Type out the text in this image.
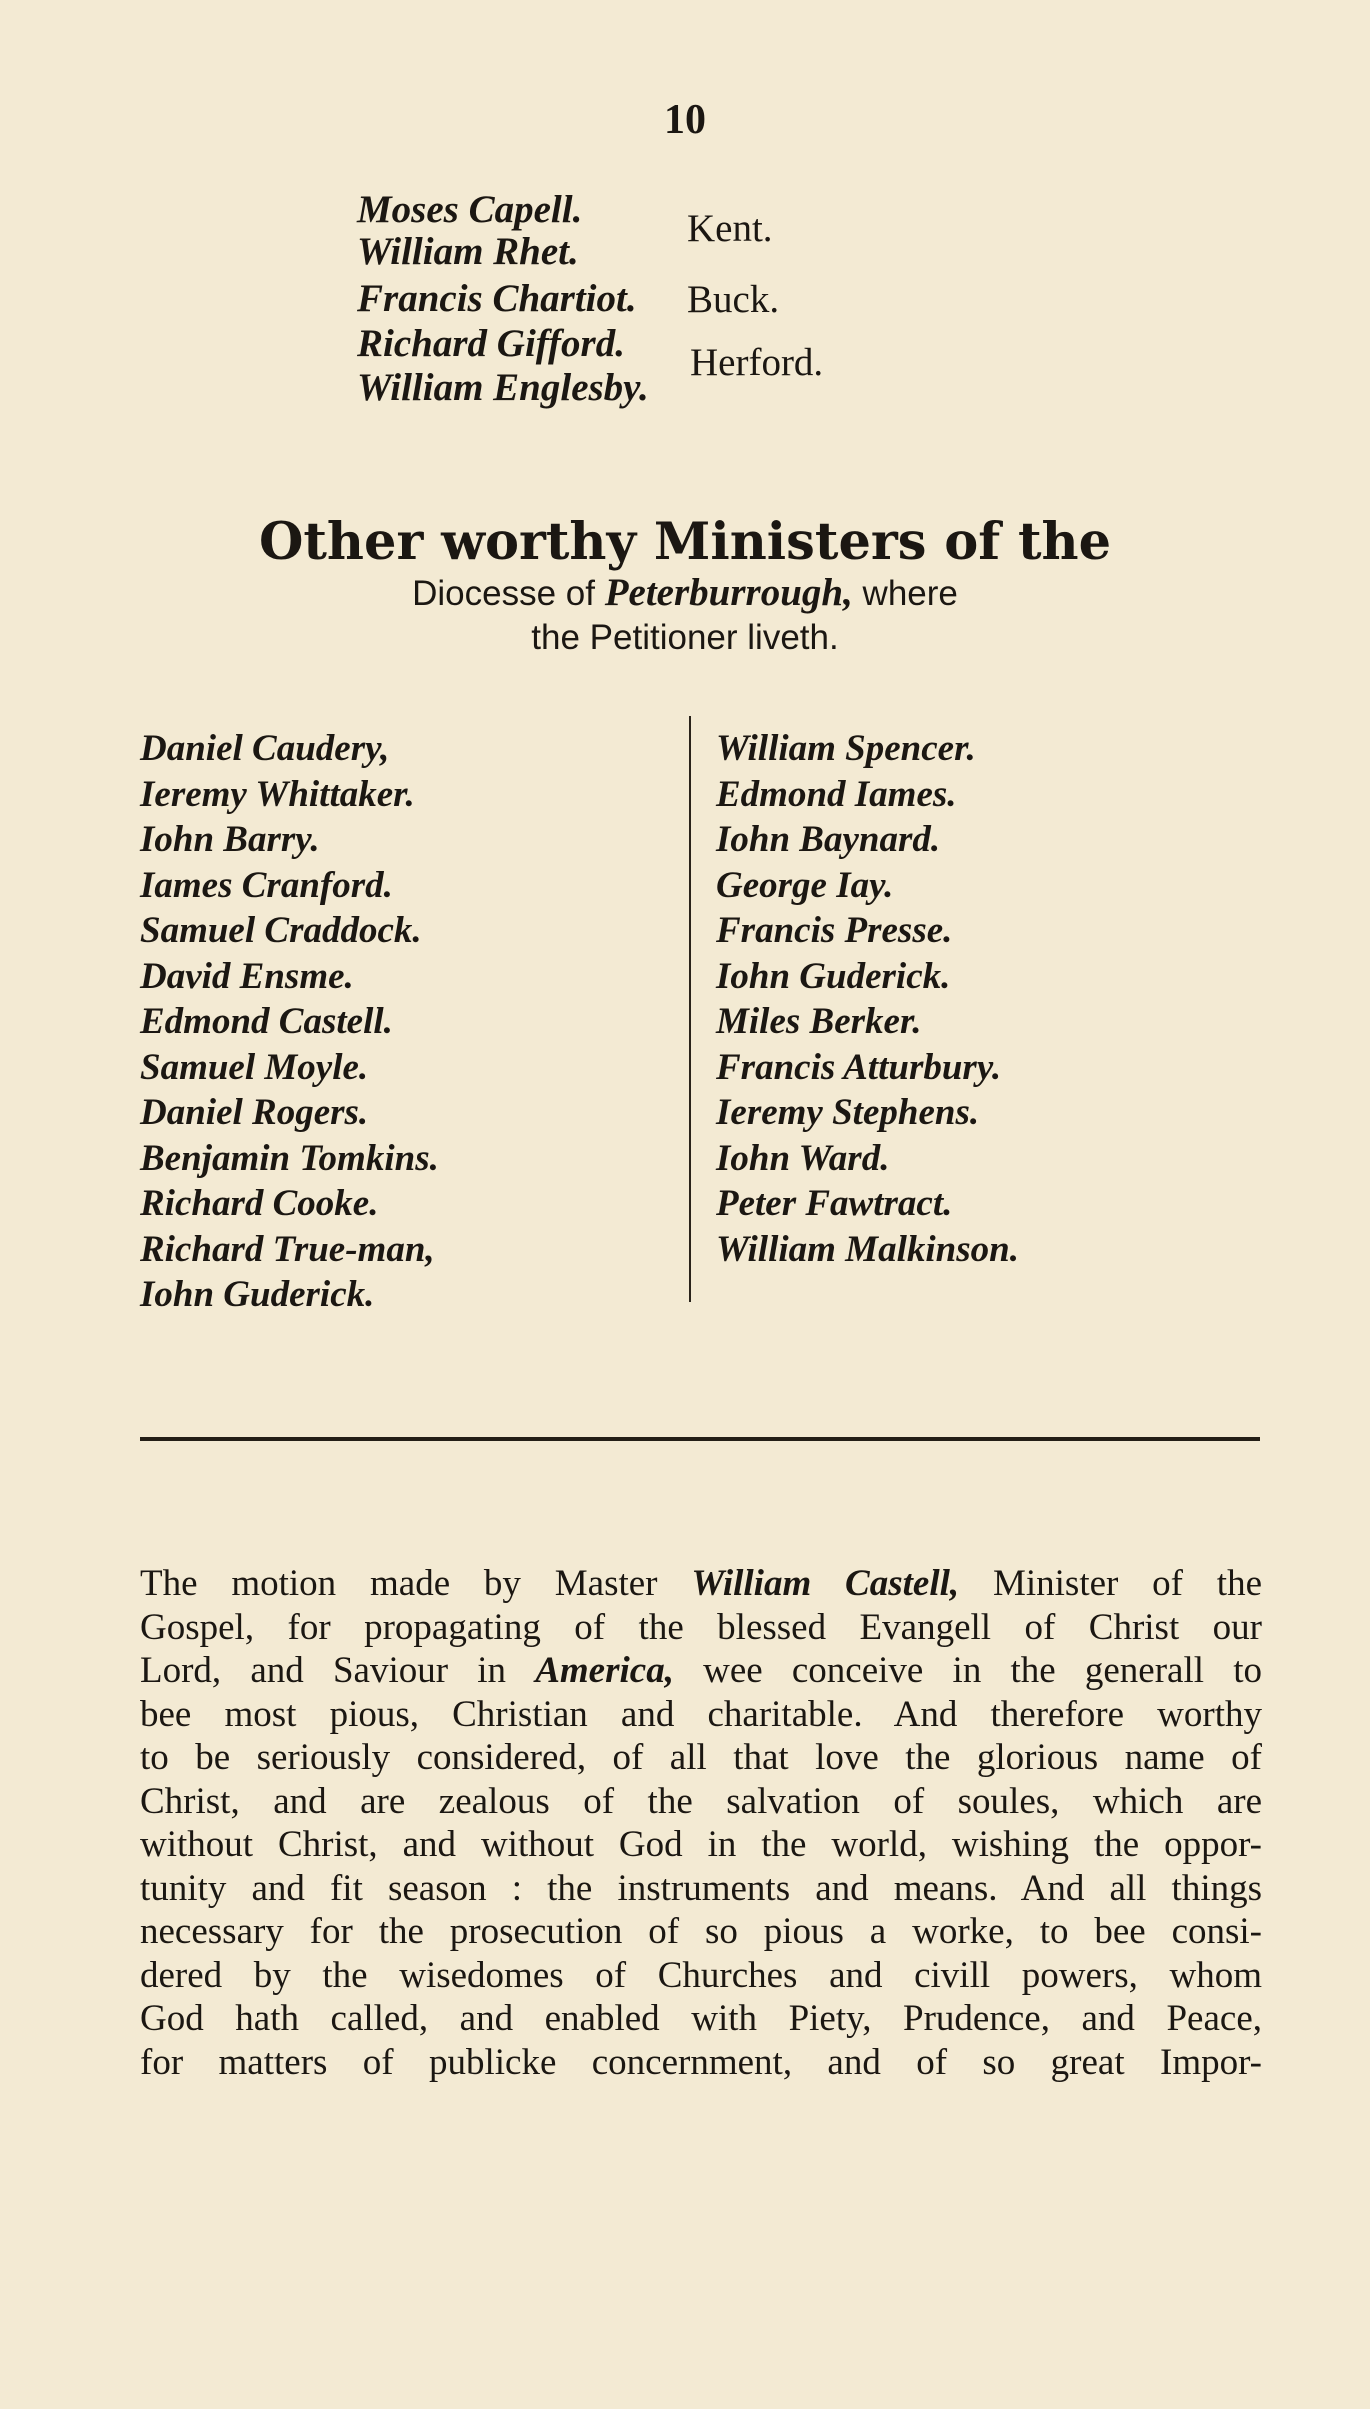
10
Moses Capell.
William Rhet.
Francis Chartiot.
Richard Gifford.
William Englesby.
Kent.
Buck.
Herford.
Other worthy Ministers of the
Diocesse of Peterburrough, where
the Petitioner liveth.
Daniel Caudery,
Ieremy Whittaker.
Iohn Barry.
Iames Cranford.
Samuel Craddock.
David Ensme.
Edmond Castell.
Samuel Moyle.
Daniel Rogers.
Benjamin Tomkins.
Richard Cooke.
Richard True-man,
Iohn Guderick.
William Spencer.
Edmond Iames.
Iohn Baynard.
George Iay.
Francis Presse.
Iohn Guderick.
Miles Berker.
Francis Atturbury.
Ieremy Stephens.
Iohn Ward.
Peter Fawtract.
William Malkinson.
The motion made by Master William Castell, Minister of the
Gospel, for propagating of the blessed Evangell of Christ our
Lord, and Saviour in America, wee conceive in the generall to
bee most pious, Christian and charitable. And therefore worthy
to be seriously considered, of all that love the glorious name of
Christ, and are zealous of the salvation of soules, which are
without Christ, and without God in the world, wishing the oppor-
tunity and fit season : the instruments and means. And all things
necessary for the prosecution of so pious a worke, to bee consi-
dered by the wisedomes of Churches and civill powers, whom
God hath called, and enabled with Piety, Prudence, and Peace,
for matters of publicke concernment, and of so great Impor-
